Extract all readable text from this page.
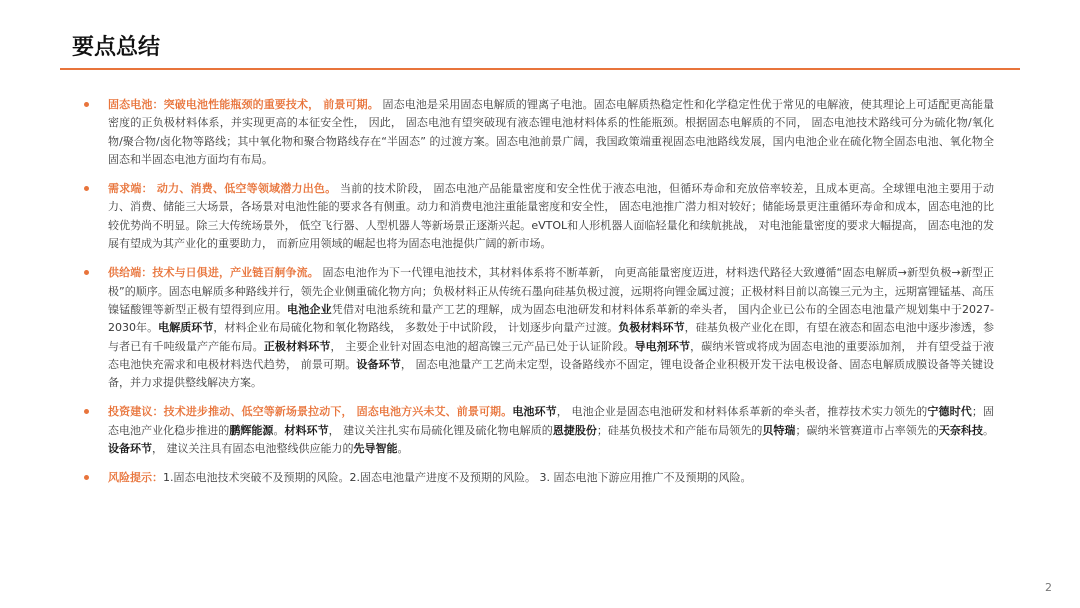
要点总结
固态电池：突破电池性能瓶颈的重要技术， 前景可期。 固态电池是采用固态电解质的锂离子电池。固态电解质热稳定性和化学稳定性优于常见的电解液，使其理论上可适配更高能量密度的正负极材料体系，并实现更高的本征安全性， 因此， 固态电池有望突破现有液态锂电池材料体系的性能瓶颈。根据固态电解质的不同， 固态电池技术路线可分为硫化物/氧化物/聚合物/卤化物等路线；其中氧化物和聚合物路线存在“半固态” 的过渡方案。固态电池前景广阔，我国政策端重视固态电池路线发展，国内电池企业在硫化物全固态电池、氧化物全固态和半固态电池方面均有布局。
需求端： 动力、消费、低空等领域潜力出色。 当前的技术阶段， 固态电池产品能量密度和安全性优于液态电池，但循环寿命和充放倍率较差，且成本更高。全球锂电池主要用于动力、消费、储能三大场景，各场景对电池性能的要求各有侧重。动力和消费电池注重能量密度和安全性， 固态电池推广潜力相对较好；储能场景更注重循环寿命和成本，固态电池的比较优势尚不明显。除三大传统场景外， 低空飞行器、人型机器人等新场景正逐渐兴起。eVTOL和人形机器人面临轻量化和续航挑战， 对电池能量密度的要求大幅提高， 固态电池的发展有望成为其产业化的重要助力， 而新应用领域的崛起也将为固态电池提供广阔的新市场。
供给端：技术与日俱进，产业链百舸争流。 固态电池作为下一代锂电池技术，其材料体系将不断革新， 向更高能量密度迈进，材料迭代路径大致遵循“固态电解质→新型负极→新型正极”的顺序。固态电解质多种路线并行，领先企业侧重硫化物方向；负极材料正从传统石墨向硅基负极过渡，远期将向锂金属过渡；正极材料目前以高镍三元为主，远期富锂锰基、高压镍锰酸锂等新型正极有望得到应用。电池企业凭借对电池系统和量产工艺的理解，成为固态电池研发和材料体系革新的牵头者， 国内企业已公布的全固态电池量产规划集中于2027-2030年。电解质环节，材料企业布局硫化物和氧化物路线， 多数处于中试阶段， 计划逐步向量产过渡。负极材料环节，硅基负极产业化在即，有望在液态和固态电池中逐步渗透，参与者已有千吨级量产产能布局。正极材料环节， 主要企业针对固态电池的超高镍三元产品已处于认证阶段。导电剂环节，碳纳米管或将成为固态电池的重要添加剂， 并有望受益于液态电池快充需求和电极材料迭代趋势， 前景可期。设备环节， 固态电池量产工艺尚未定型，设备路线亦不固定，锂电设备企业积极开发干法电极设备、固态电解质成膜设备等关键设备，并力求提供整线解决方案。
投资建议：技术进步推动、低空等新场景拉动下， 固态电池方兴未艾、前景可期。电池环节， 电池企业是固态电池研发和材料体系革新的牵头者，推荐技术实力领先的宁德时代；固态电池产业化稳步推进的鹏辉能源。材料环节， 建议关注扎实布局硫化锂及硫化物电解质的恩捷股份；硅基负极技术和产能布局领先的贝特瑞；碳纳米管赛道市占率领先的天奈科技。设备环节， 建议关注具有固态电池整线供应能力的先导智能。
风险提示：1.固态电池技术突破不及预期的风险。2.固态电池量产进度不及预期的风险。 3. 固态电池下游应用推广不及预期的风险。
2
